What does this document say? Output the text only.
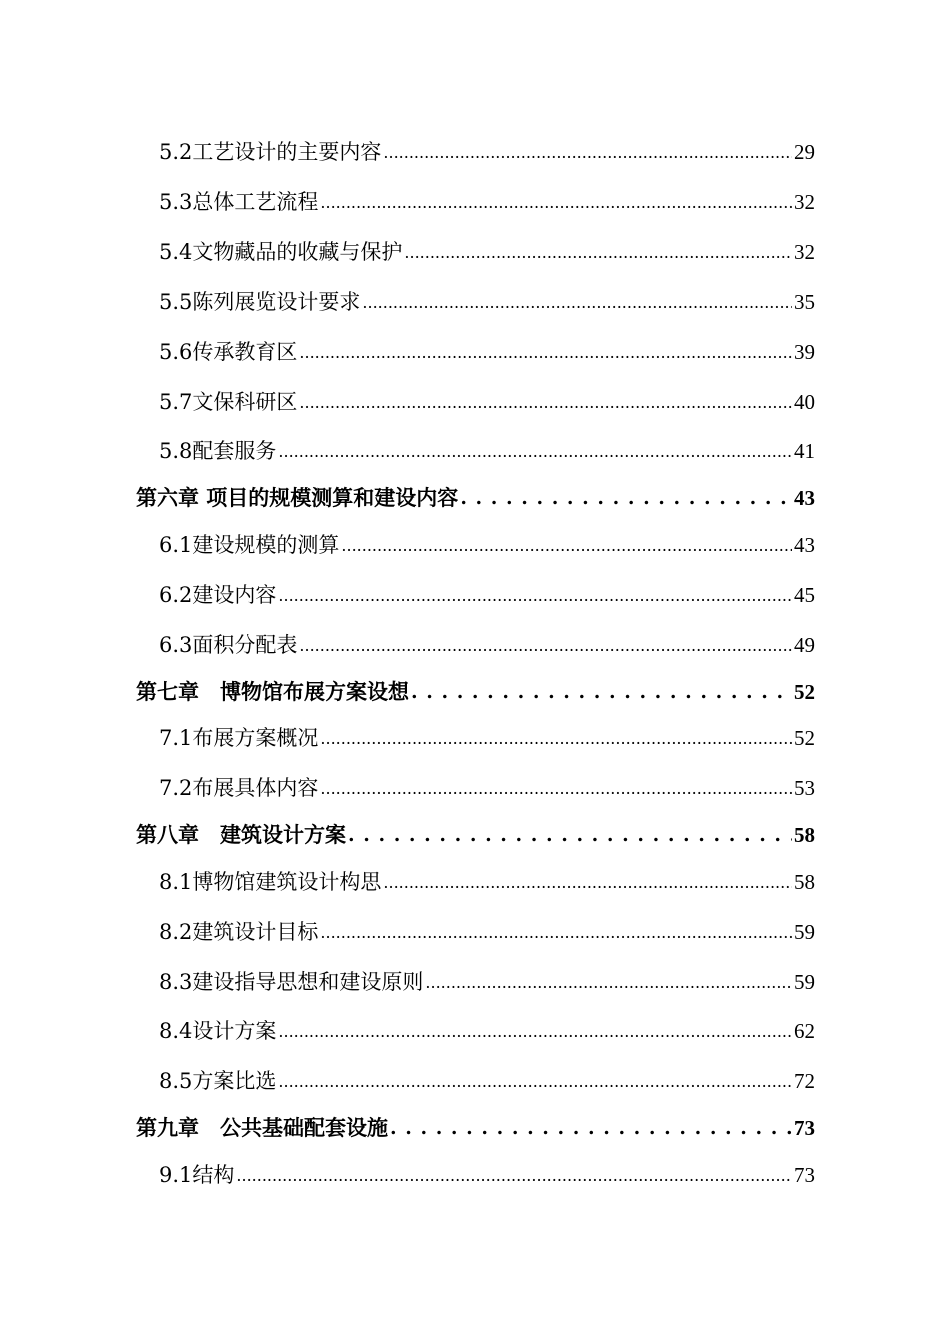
5.2工艺设计的主要内容 .....	29
5.3总体工艺流程 .....	32
5.4文物藏品的收藏与保护 .....	32
5.5陈列展览设计要求 .....	35
5.6传承教育区 .....	39
5.7文保科研区 .....	40
5.8配套服务 .....	41
第六章 项目的规模测算和建设内容 . . .	43
6.1建设规模的测算 .....	43
6.2建设内容 .....	45
6.3面积分配表 .....	49
第七章　博物馆布展方案设想 . . .	52
7.1布展方案概况 .....	52
7.2布展具体内容 .....	53
第八章　建筑设计方案 . . .	58
8.1博物馆建筑设计构思 .....	58
8.2建筑设计目标 .....	59
8.3建设指导思想和建设原则 .....	59
8.4设计方案 .....	62
8.5方案比选 .....	72
第九章　公共基础配套设施 . . .	73
9.1结构 .....	73
